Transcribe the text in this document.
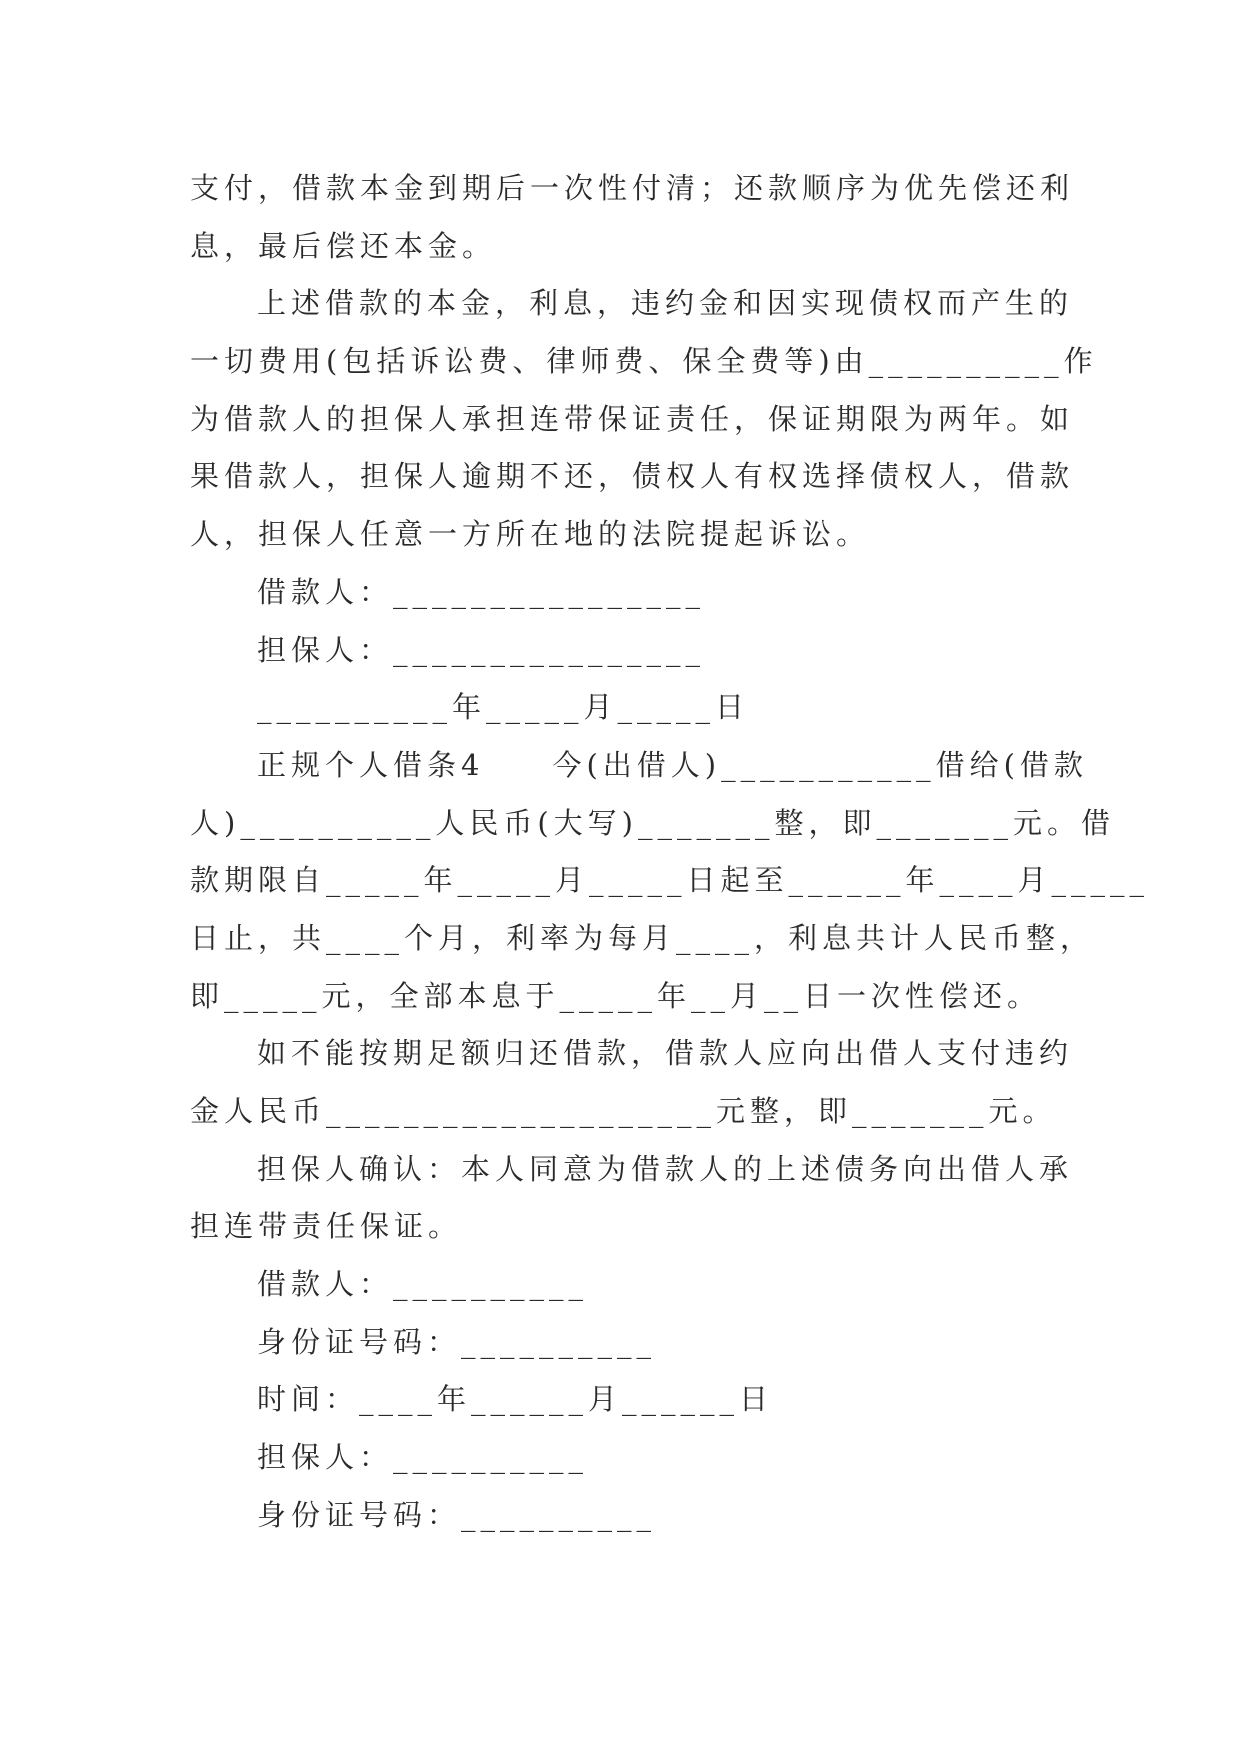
支付，借款本金到期后一次性付清；还款顺序为优先偿还利

息，最后偿还本金。

上述借款的本金，利息，违约金和因实现债权而产生的

一切费用(包括诉讼费、律师费、保全费等)由__________作

为借款人的担保人承担连带保证责任，保证期限为两年。如

果借款人，担保人逾期不还，债权人有权选择债权人，借款

人，担保人任意一方所在地的法院提起诉讼。

借款人：________________

担保人：________________

__________年_____月_____日

正规个人借条4　　今(出借人)___________借给(借款

人)__________人民币(大写)_______整，即_______元。借

款期限自_____年_____月_____日起至______年____月_____

日止，共____个月，利率为每月____，利息共计人民币整，

即_____元，全部本息于_____年__月__日一次性偿还。

如不能按期足额归还借款，借款人应向出借人支付违约

金人民币____________________元整，即_______元。

担保人确认：本人同意为借款人的上述债务向出借人承

担连带责任保证。

借款人：__________

身份证号码：__________

时间：____年______月______日

担保人：__________

身份证号码：__________
